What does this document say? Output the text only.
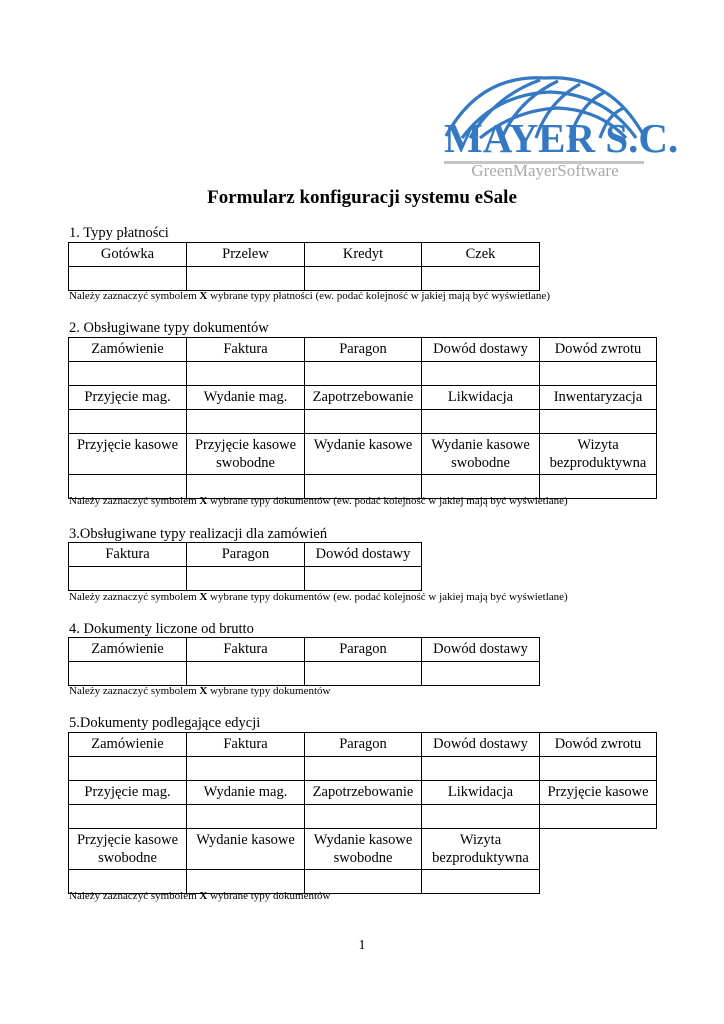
MAYER S.C.
GreenMayerSoftware
Formularz konfiguracji systemu eSale
1. Typy płatności
Gotówka	Przelew	Kredyt	Czek

Należy zaznaczyć symbolem X wybrane typy płatności (ew. podać kolejność w jakiej mają być wyświetlane)
2. Obsługiwane typy dokumentów
Zamówienie	Faktura	Paragon	Dowód dostawy	Dowód zwrotu

Przyjęcie mag.	Wydanie mag.	Zapotrzebowanie	Likwidacja	Inwentaryzacja

Przyjęcie kasowe	Przyjęcie kasowe swobodne	Wydanie kasowe	Wydanie kasowe swobodne	Wizyta bezproduktywna

Należy zaznaczyć symbolem X wybrane typy dokumentów (ew. podać kolejność w jakiej mają być wyświetlane)
3.Obsługiwane typy realizacji dla zamówień
Faktura	Paragon	Dowód dostawy

Należy zaznaczyć symbolem X wybrane typy dokumentów (ew. podać kolejność w jakiej mają być wyświetlane)
4. Dokumenty liczone od brutto
Zamówienie	Faktura	Paragon	Dowód dostawy

Należy zaznaczyć symbolem X wybrane typy dokumentów
5.Dokumenty podlegające edycji
Zamówienie	Faktura	Paragon	Dowód dostawy	Dowód zwrotu

Przyjęcie mag.	Wydanie mag.	Zapotrzebowanie	Likwidacja	Przyjęcie kasowe

Przyjęcie kasowe swobodne	Wydanie kasowe	Wydanie kasowe swobodne	Wizyta bezproduktywna	

Należy zaznaczyć symbolem X wybrane typy dokumentów
1
